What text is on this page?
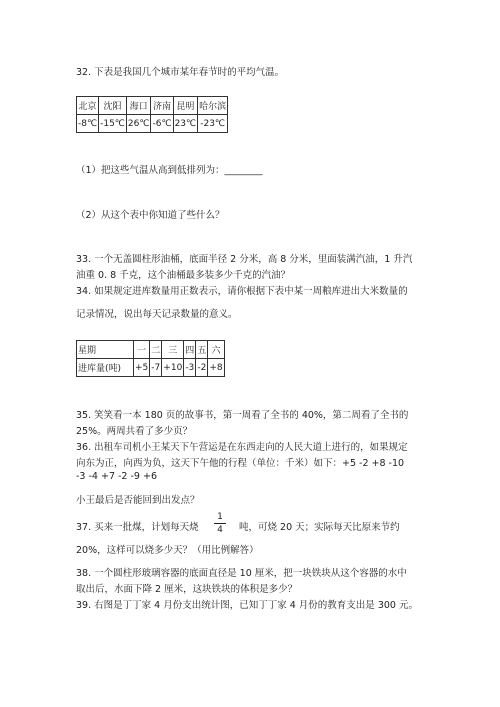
32. 下表是我国几个城市某年春节时的平均气温。
北京	沈阳	海口	济南	昆明	哈尔滨
-8℃	-15℃	26℃	-6℃	23℃	-23℃
（1）把这些气温从高到低排列为：________
（2）从这个表中你知道了些什么？
33. 一个无盖圆柱形油桶，底面半径 2 分米，高 8 分米，里面装满汽油，1 升汽
油重 0. 8 千克，这个油桶最多装多少千克的汽油？
34. 如果规定进库数量用正数表示，请你根据下表中某一周粮库进出大米数量的
记录情况，说出每天记录数量的意义。
星期	一	二	三	四	五	六
进库量(吨)	+5	-7	+10	-3	-2	+8
35. 笑笑看一本 180 页的故事书，第一周看了全书的 40%，第二周看了全书的
25%。两周共看了多少页？
36. 出租车司机小王某天下午营运是在东西走向的人民大道上进行的，如果规定
向东为正，向西为负，这天下午他的行程（单位：千米）如下：+5 -2 +8 -10
-3 -4 +7 -2 -9 +6
小王最后是否能回到出发点？
37. 买来一批煤，计划每天烧
1
4	吨，可烧 20 天；实际每天比原来节约
20%，这样可以烧多少天？（用比例解答）
38. 一个圆柱形玻璃容器的底面直径是 10 厘米，把一块铁块从这个容器的水中
取出后，水面下降 2 厘米，这块铁块的体积是多少？
39. 右图是丁丁家 4 月份支出统计图，已知丁丁家 4 月份的教育支出是 300 元。
